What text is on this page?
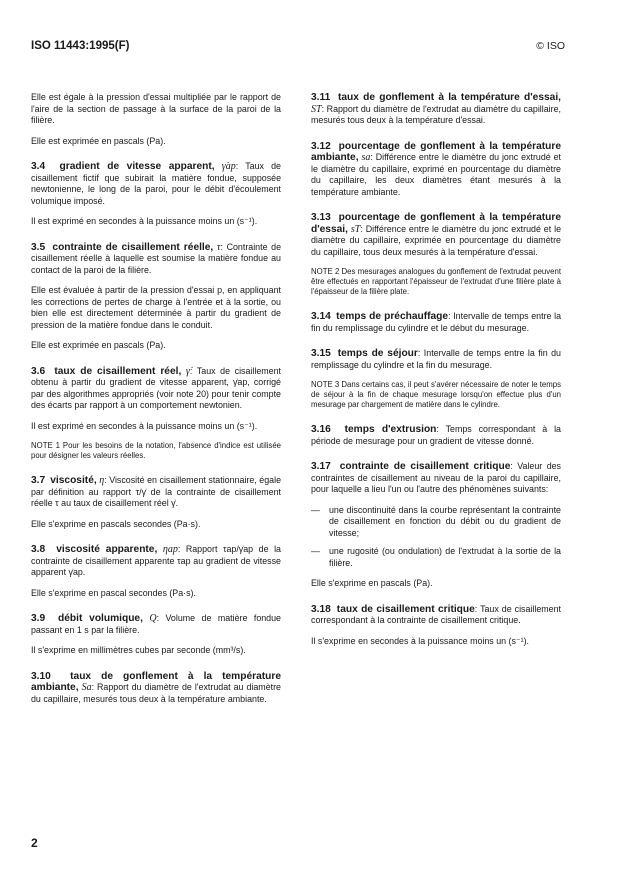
ISO 11443:1995(F)	© ISO

Elle est égale à la pression d'essai multipliée par le rapport de l'aire de la section de passage à la surface de la paroi de la filière.

Elle est exprimée en pascals (Pa).

3.4 gradient de vitesse apparent, γ̇ap: Taux de cisaillement fictif que subirait la matière fondue, supposée newtonienne, le long de la paroi, pour le débit d'écoulement volumique imposé.

Il est exprimé en secondes à la puissance moins un (s⁻¹).

3.5 contrainte de cisaillement réelle, τ: Contrainte de cisaillement réelle à laquelle est soumise la matière fondue au contact de la paroi de la filière.

Elle est évaluée à partir de la pression d'essai p, en appliquant les corrections de pertes de charge à l'entrée et à la sortie, ou bien elle est directement déterminée à partir du gradient de pression de la matière fondue dans le conduit.

Elle est exprimée en pascals (Pa).

3.6 taux de cisaillement réel, γ̇: Taux de cisaillement obtenu à partir du gradient de vitesse apparent, γ̇ap, corrigé par des algorithmes appropriés (voir note 20) pour tenir compte des écarts par rapport à un comportement newtonien.

Il est exprimé en secondes à la puissance moins un (s⁻¹).

NOTE 1 Pour les besoins de la notation, l'absence d'indice est utilisée pour désigner les valeurs réelles.

3.7 viscosité, η: Viscosité en cisaillement stationnaire, égale par définition au rapport τ/γ̇ de la contrainte de cisaillement réelle τ au taux de cisaillement réel γ̇.

Elle s'exprime en pascals secondes (Pa·s).

3.8 viscosité apparente, ηap: Rapport τap/γ̇ap de la contrainte de cisaillement apparente τap au gradient de vitesse apparent γ̇ap.

Elle s'exprime en pascal secondes (Pa·s).

3.9 débit volumique, Q: Volume de matière fondue passant en 1 s par la filière.

Il s'exprime en millimètres cubes par seconde (mm³/s).

3.10 taux de gonflement à la température ambiante, Sa: Rapport du diamètre de l'extrudat au diamètre du capillaire, mesurés tous deux à la température ambiante.

3.11 taux de gonflement à la température d'essai, ST: Rapport du diamètre de l'extrudat au diamètre du capillaire, mesurés tous deux à la température d'essai.

3.12 pourcentage de gonflement à la température ambiante, sa: Différence entre le diamètre du jonc extrudé et le diamètre du capillaire, exprimé en pourcentage du diamètre du capillaire, les deux diamètres étant mesurés à la température ambiante.

3.13 pourcentage de gonflement à la température d'essai, sT: Différence entre le diamètre du jonc extrudé et le diamètre du capillaire, exprimée en pourcentage du diamètre du capillaire, tous deux mesurés à la température d'essai.

NOTE 2 Des mesurages analogues du gonflement de l'extrudat peuvent être effectués en rapportant l'épaisseur de l'extrudat d'une filière plate à l'épaisseur de la filière plate.

3.14 temps de préchauffage: Intervalle de temps entre la fin du remplissage du cylindre et le début du mesurage.

3.15 temps de séjour: Intervalle de temps entre la fin du remplissage du cylindre et la fin du mesurage.

NOTE 3 Dans certains cas, il peut s'avérer nécessaire de noter le temps de séjour à la fin de chaque mesurage lorsqu'on effectue plus d'un mesurage par chargement de matière dans le cylindre.

3.16 temps d'extrusion: Temps correspondant à la période de mesurage pour un gradient de vitesse donné.

3.17 contrainte de cisaillement critique: Valeur des contraintes de cisaillement au niveau de la paroi du capillaire, pour laquelle a lieu l'un ou l'autre des phénomènes suivants:

— une discontinuité dans la courbe représentant la contrainte de cisaillement en fonction du débit ou du gradient de vitesse;
— une rugosité (ou ondulation) de l'extrudat à la sortie de la filière.

Elle s'exprime en pascals (Pa).

3.18 taux de cisaillement critique: Taux de cisaillement correspondant à la contrainte de cisaillement critique.

Il s'exprime en secondes à la puissance moins un (s⁻¹).

2
